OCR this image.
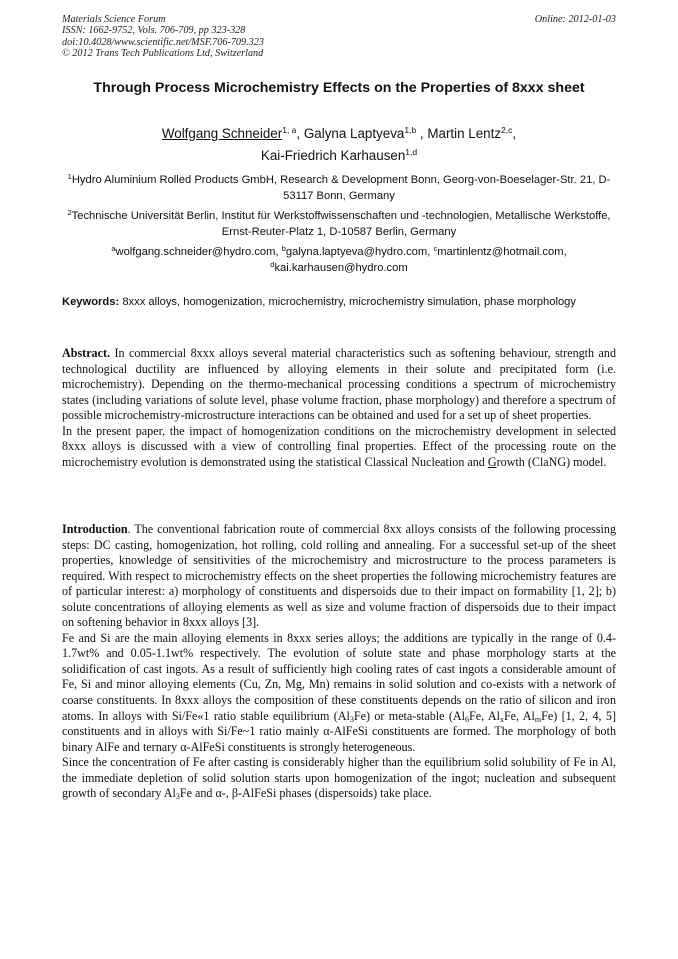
Materials Science Forum	Online: 2012-01-03
ISSN: 1662-9752, Vols. 706-709, pp 323-328
doi:10.4028/www.scientific.net/MSF.706-709.323
© 2012 Trans Tech Publications Ltd, Switzerland
Through Process Microchemistry Effects on the Properties of 8xxx sheet
Wolfgang Schneider$^{1, a}$, Galyna Laptyeva$^{1,b}$ , Martin Lentz$^{2,c}$,
Kai-Friedrich Karhausen$^{1,d}$
$^1$Hydro Aluminium Rolled Products GmbH, Research & Development Bonn, Georg-von-Boeselager-Str. 21, D-53117 Bonn, Germany
$^2$Technische Universität Berlin, Institut für Werkstoffwissenschaften und -technologien, Metallische Werkstoffe, Ernst-Reuter-Platz 1, D-10587 Berlin, Germany
$^a$wolfgang.schneider@hydro.com, $^b$galyna.laptyeva@hydro.com, $^c$martinlentz@hotmail.com,
$^d$kai.karhausen@hydro.com
Keywords: 8xxx alloys, homogenization, microchemistry, microchemistry simulation, phase morphology

Abstract. In commercial 8xxx alloys several material characteristics such as softening behaviour, strength and technological ductility are influenced by alloying elements in their solute and precipitated form (i.e. microchemistry). Depending on the thermo-mechanical processing conditions a spectrum of microchemistry states (including variations of solute level, phase volume fraction, phase morphology) and therefore a spectrum of possible microchemistry-microstructure interactions can be obtained and used for a set up of sheet properties.

In the present paper, the impact of homogenization conditions on the microchemistry development in selected 8xxx alloys is discussed with a view of controlling final properties. Effect of the processing route on the microchemistry evolution is demonstrated using the statistical Classical Nucleation and Growth (ClaNG) model.

Introduction. The conventional fabrication route of commercial 8xx alloys consists of the following processing steps: DC casting, homogenization, hot rolling, cold rolling and annealing. For a successful set-up of the sheet properties, knowledge of sensitivities of the microchemistry and microstructure to the process parameters is required. With respect to microchemistry effects on the sheet properties the following microchemistry features are of particular interest: a) morphology of constituents and dispersoids due to their impact on formability [1, 2]; b) solute concentrations of alloying elements as well as size and volume fraction of dispersoids due to their impact on softening behavior in 8xxx alloys [3].

Fe and Si are the main alloying elements in 8xxx series alloys; the additions are typically in the range of 0.4-1.7wt% and 0.05-1.1wt% respectively. The evolution of solute state and phase morphology starts at the solidification of cast ingots. As a result of sufficiently high cooling rates of cast ingots a considerable amount of Fe, Si and minor alloying elements (Cu, Zn, Mg, Mn) remains in solid solution and co-exists with a network of coarse constituents. In 8xxx alloys the composition of these constituents depends on the ratio of silicon and iron atoms. In alloys with Si/Fe«1 ratio stable equilibrium $(Al_3Fe)$ or meta-stable ($Al_6Fe$, $Al_xFe$, $Al_mFe$) [1, 2, 4, 5] constituents and in alloys with Si/Fe~1 ratio mainly α-AlFeSi constituents are formed. The morphology of both binary AlFe and ternary α-AlFeSi constituents is strongly heterogeneous.

Since the concentration of Fe after casting is considerably higher than the equilibrium solid solubility of Fe in Al, the immediate depletion of solid solution starts upon homogenization of the ingot; nucleation and subsequent growth of secondary $Al_3Fe$ and α-, β-AlFeSi phases (dispersoids) take place.
